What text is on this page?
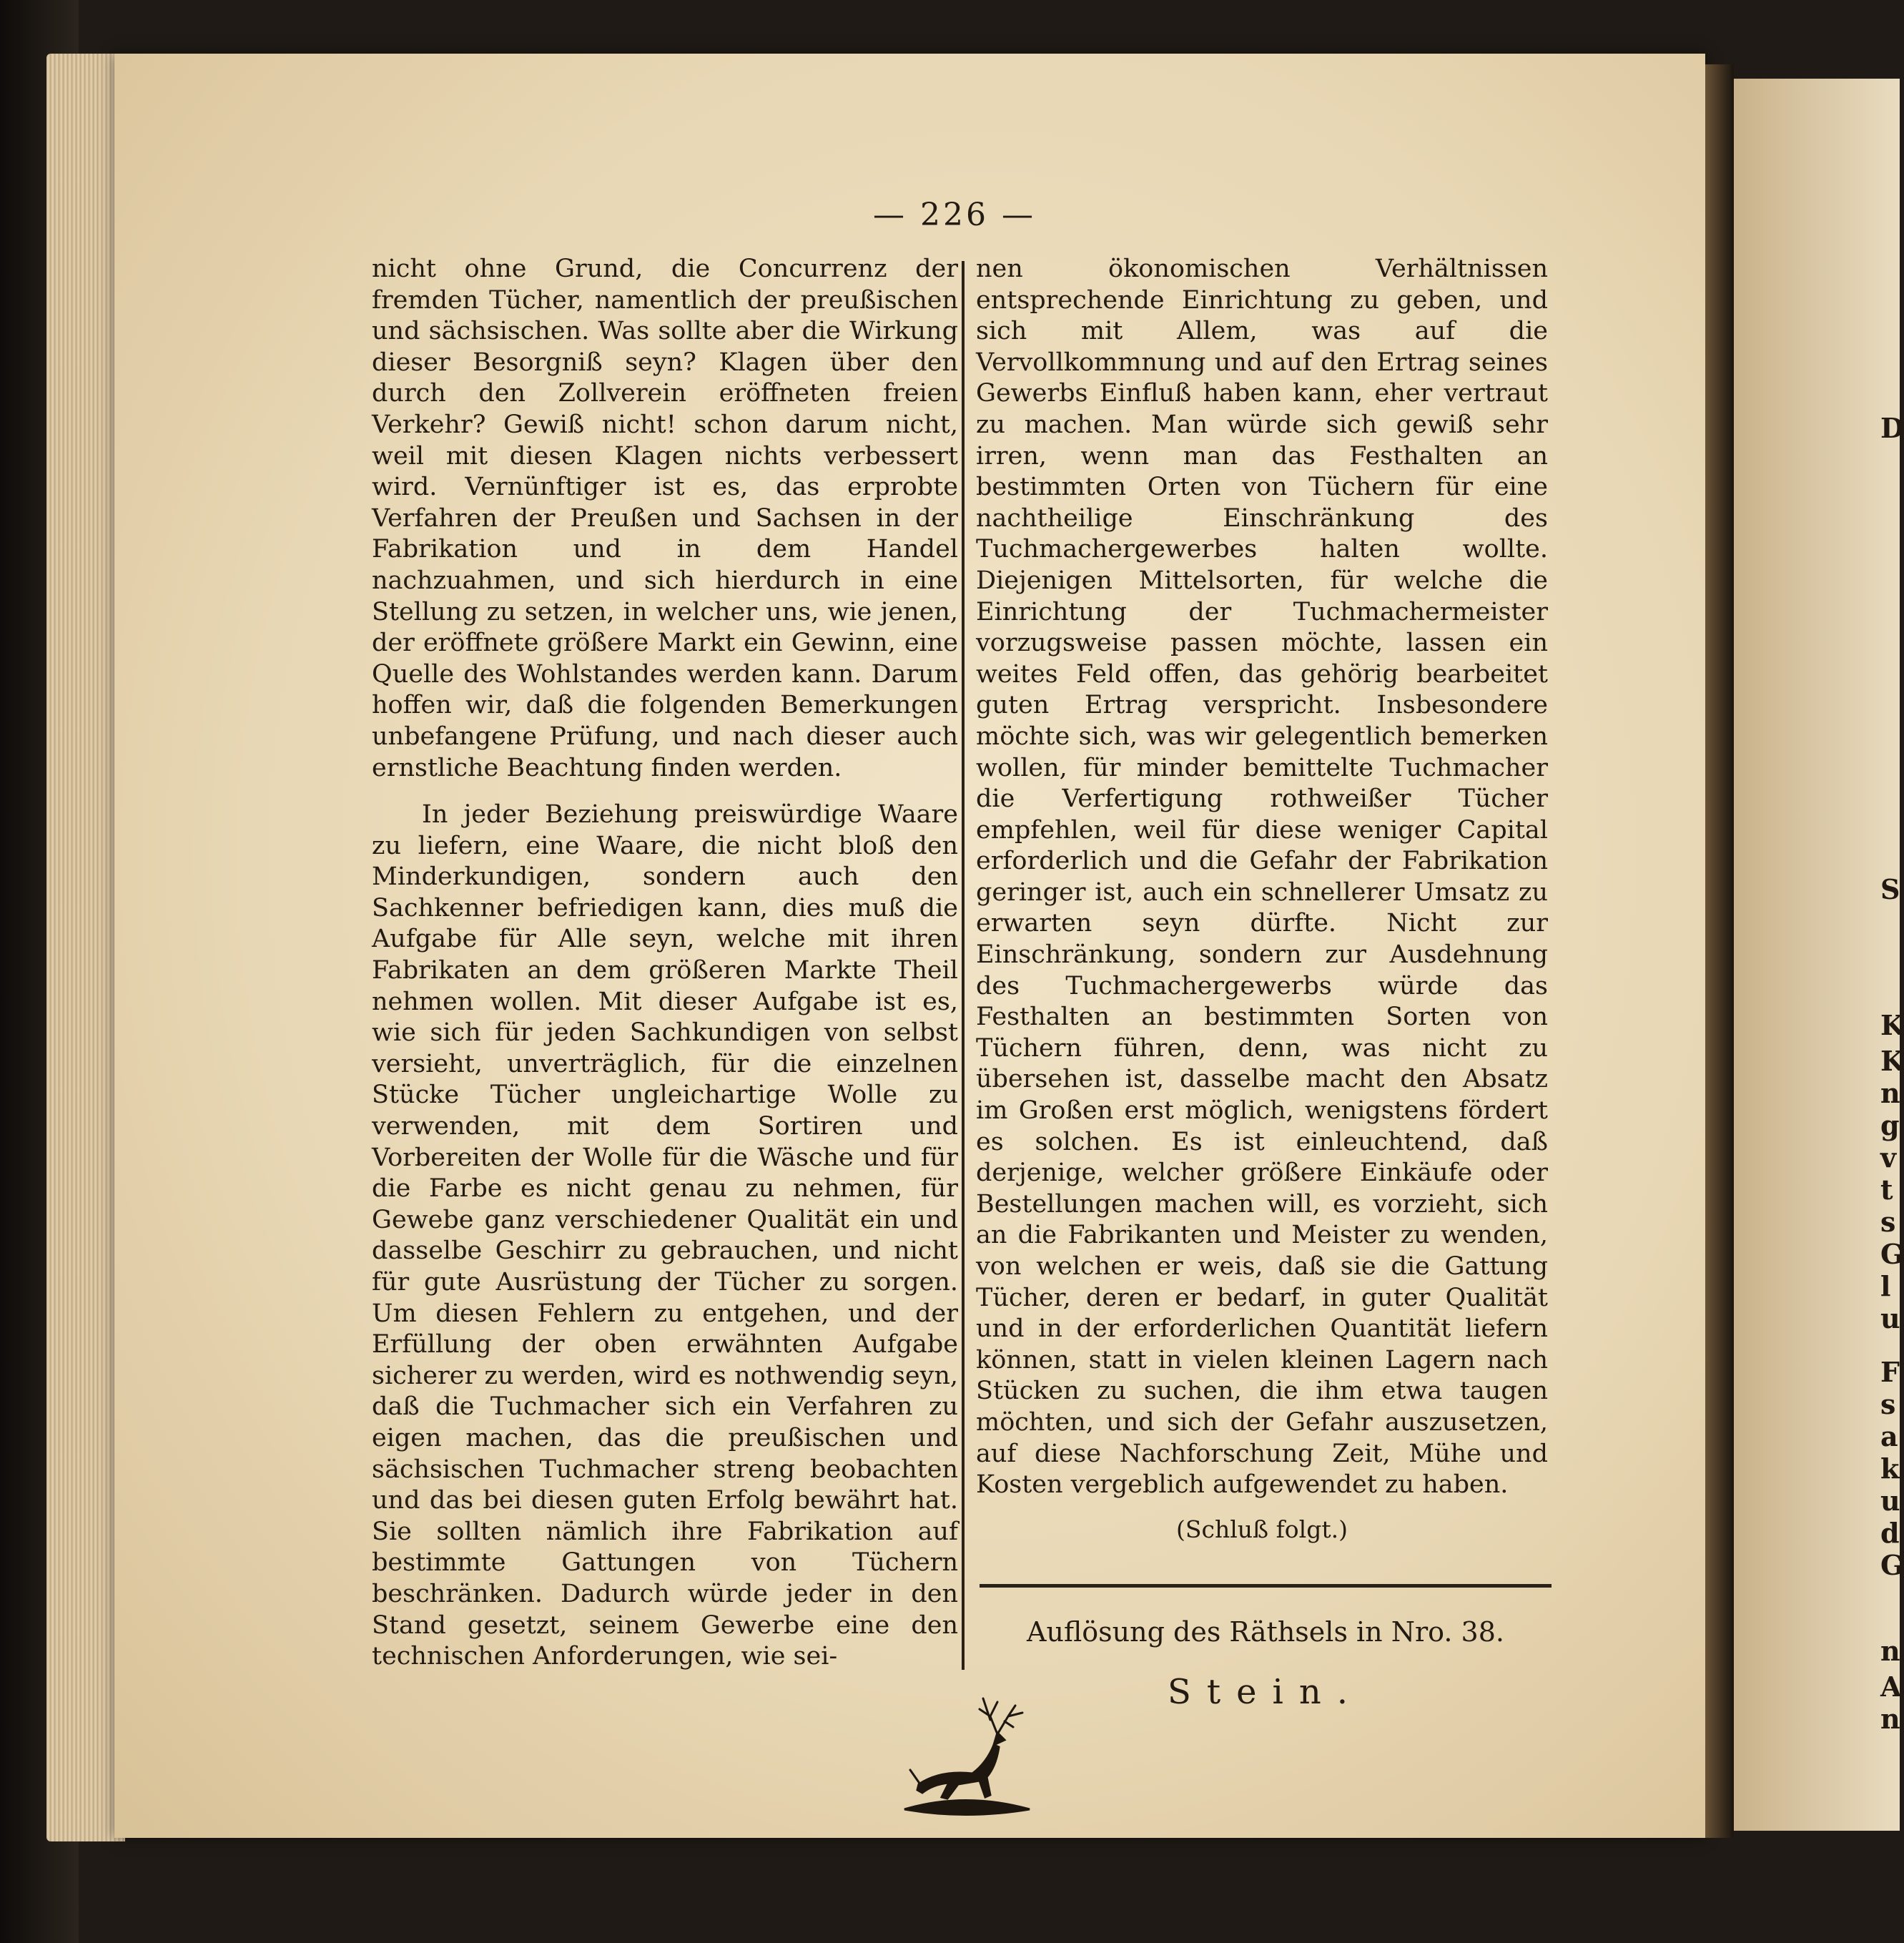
D
S
K
K
n
g
v
t
s
G
l
u
F
s
a
k
u
d
G
n
A
n
— 226 —

nicht ohne Grund, die Concurrenz der fremden Tücher, namentlich der preußischen und sächsischen. Was sollte aber die Wirkung dieser Besorgniß seyn? Klagen über den durch den Zollverein eröffneten freien Verkehr? Gewiß nicht! schon darum nicht, weil mit diesen Klagen nichts verbessert wird. Vernünftiger ist es, das erprobte Verfahren der Preußen und Sachsen in der Fabrikation und in dem Handel nachzuahmen, und sich hierdurch in eine Stellung zu setzen, in welcher uns, wie jenen, der eröffnete größere Markt ein Gewinn, eine Quelle des Wohlstandes werden kann. Darum hoffen wir, daß die folgenden Bemerkungen unbefangene Prüfung, und nach dieser auch ernstliche Beachtung finden werden.

In jeder Beziehung preiswürdige Waare zu liefern, eine Waare, die nicht bloß den Minderkundigen, sondern auch den Sachkenner befriedigen kann, dies muß die Aufgabe für Alle seyn, welche mit ihren Fabrikaten an dem größeren Markte Theil nehmen wollen. Mit dieser Aufgabe ist es, wie sich für jeden Sachkundigen von selbst versieht, unverträglich, für die einzelnen Stücke Tücher ungleichartige Wolle zu verwenden, mit dem Sortiren und Vorbereiten der Wolle für die Wäsche und für die Farbe es nicht genau zu nehmen, für Gewebe ganz verschiedener Qualität ein und dasselbe Geschirr zu gebrauchen, und nicht für gute Ausrüstung der Tücher zu sorgen. Um diesen Fehlern zu entgehen, und der Erfüllung der oben erwähnten Aufgabe sicherer zu werden, wird es nothwendig seyn, daß die Tuchmacher sich ein Verfahren zu eigen machen, das die preußischen und sächsischen Tuchmacher streng beobachten und das bei diesen guten Erfolg bewährt hat. Sie sollten nämlich ihre Fabrikation auf bestimmte Gattungen von Tüchern beschränken. Dadurch würde jeder in den Stand gesetzt, seinem Gewerbe eine den technischen Anforderungen, wie sei-

nen ökonomischen Verhältnissen entsprechende Einrichtung zu geben, und sich mit Allem, was auf die Vervollkommnung und auf den Ertrag seines Gewerbs Einfluß haben kann, eher vertraut zu machen. Man würde sich gewiß sehr irren, wenn man das Festhalten an bestimmten Orten von Tüchern für eine nachtheilige Einschränkung des Tuchmachergewerbes halten wollte. Diejenigen Mittelsorten, für welche die Einrichtung der Tuchmachermeister vorzugsweise passen möchte, lassen ein weites Feld offen, das gehörig bearbeitet guten Ertrag verspricht. Insbesondere möchte sich, was wir gelegentlich bemerken wollen, für minder bemittelte Tuchmacher die Verfertigung rothweißer Tücher empfehlen, weil für diese weniger Capital erforderlich und die Gefahr der Fabrikation geringer ist, auch ein schnellerer Umsatz zu erwarten seyn dürfte. Nicht zur Einschränkung, sondern zur Ausdehnung des Tuchmachergewerbs würde das Festhalten an bestimmten Sorten von Tüchern führen, denn, was nicht zu übersehen ist, dasselbe macht den Absatz im Großen erst möglich, wenigstens fördert es solchen. Es ist einleuchtend, daß derjenige, welcher größere Einkäufe oder Bestellungen machen will, es vorzieht, sich an die Fabrikanten und Meister zu wenden, von welchen er weis, daß sie die Gattung Tücher, deren er bedarf, in guter Qualität und in der erforderlichen Quantität liefern können, statt in vielen kleinen Lagern nach Stücken zu suchen, die ihm etwa taugen möchten, und sich der Gefahr auszusetzen, auf diese Nachforschung Zeit, Mühe und Kosten vergeblich aufgewendet zu haben.

(Schluß folgt.)

Auflösung des Räthsels in Nro. 38.
Stein.
